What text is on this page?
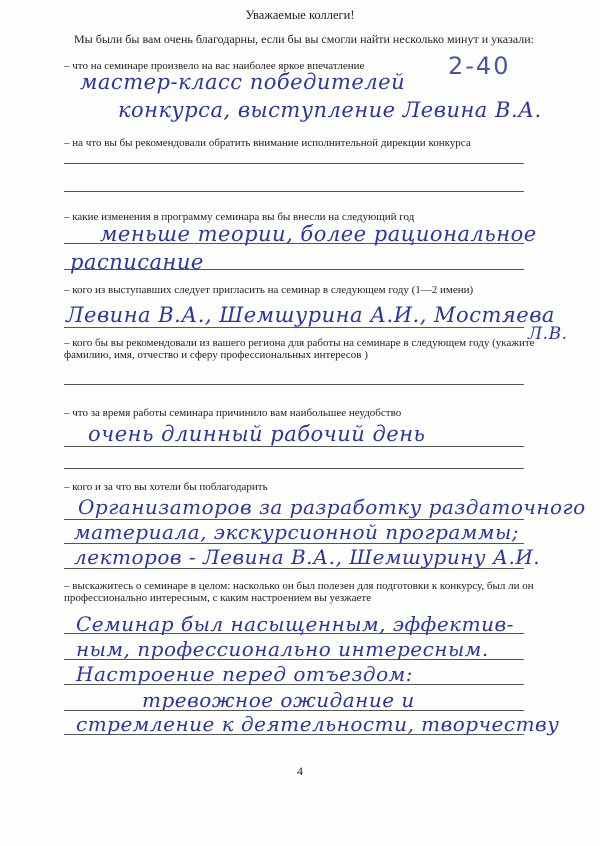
Уважаемые коллеги!
Мы были бы вам очень благодарны, если бы вы смогли найти несколько минут и указали:
2-40
– что на семинаре произвело на вас наиболее яркое впечатление
мастер-класс победителей
конкурса, выступление Левина В.А.
– на что вы бы рекомендовали обратить внимание исполнительной дирекции конкурса
– какие изменения в программу семинара вы бы внесли на следующий год
меньше теории, более рациональное
расписание
– кого из выступавших следует пригласить на семинар в следующем году (1—2 имени)
Левина В.А., Шемшурина А.И., Мостяева
Л.В.
– кого бы вы рекомендовали из вашего региона для работы на семинаре в следующем году (укажите фамилию, имя, отчество и сферу профессиональных интересов )
– что за время работы семинара причинило вам наибольшее неудобство
очень длинный рабочий день
– кого и за что вы хотели бы поблагодарить
Организаторов за разработку раздаточного
материала, экскурсионной программы;
лекторов - Левина В.А., Шемшурину А.И.
– выскажитесь о семинаре в целом: насколько он был полезен для подготовки к конкурсу, был ли он профессионально интересным, с каким настроением вы уезжаете
Семинар был насыщенным, эффектив-
ным, профессионально интересным.
Настроение перед отъездом:
тревожное ожидание и
стремление к деятельности, творчеству
4
